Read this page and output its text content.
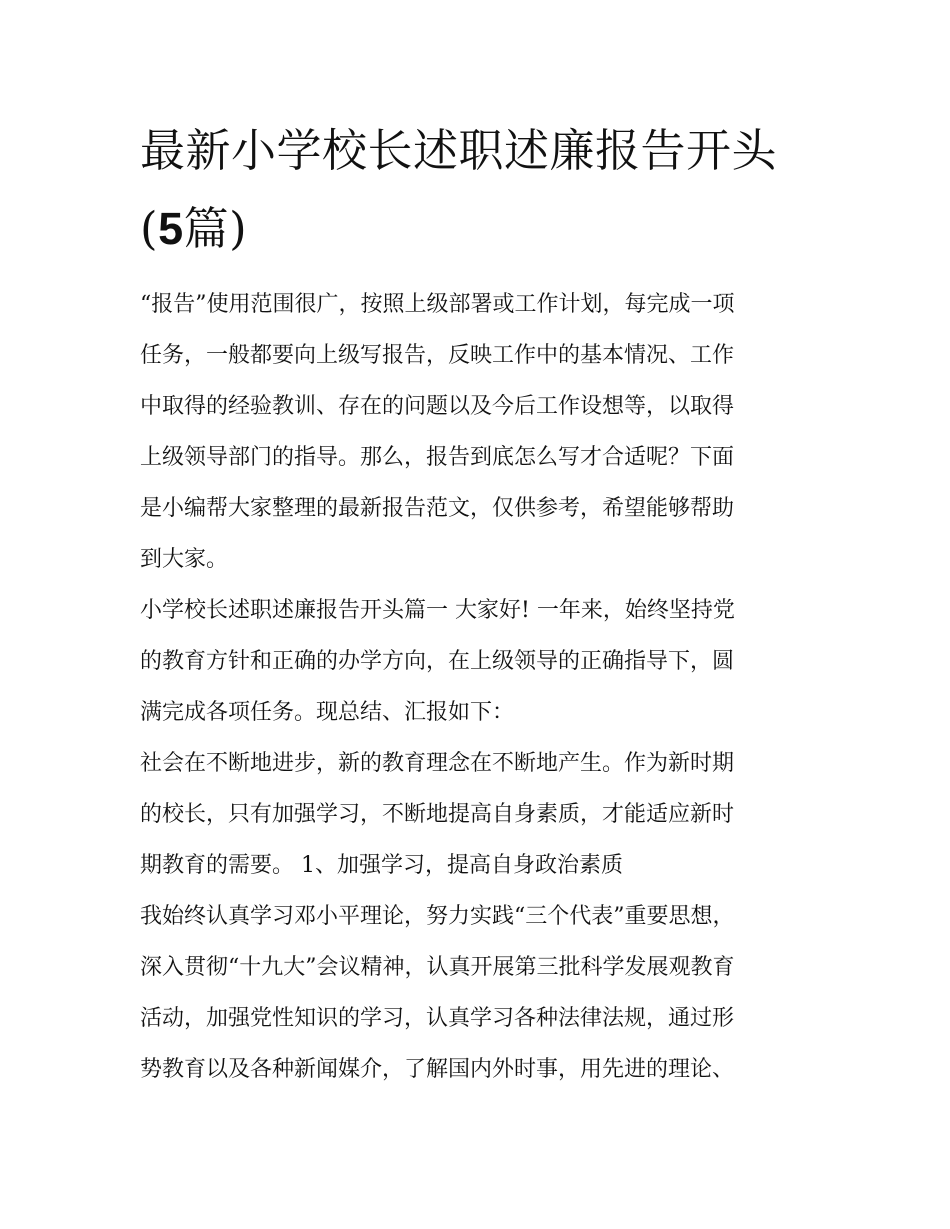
最新小学校长述职述廉报告开头(5篇)

“报告”使用范围很广，按照上级部署或工作计划，每完成一项

任务，一般都要向上级写报告，反映工作中的基本情况、工作

中取得的经验教训、存在的问题以及今后工作设想等，以取得

上级领导部门的指导。那么，报告到底怎么写才合适呢？下面

是小编帮大家整理的最新报告范文，仅供参考，希望能够帮助

到大家。

小学校长述职述廉报告开头篇一 大家好! 一年来，始终坚持党

的教育方针和正确的办学方向，在上级领导的正确指导下，圆

满完成各项任务。现总结、汇报如下：

社会在不断地进步，新的教育理念在不断地产生。作为新时期

的校长，只有加强学习，不断地提高自身素质，才能适应新时

期教育的需要。 1、加强学习，提高自身政治素质

我始终认真学习邓小平理论，努力实践“三个代表”重要思想，

深入贯彻“十九大”会议精神，认真开展第三批科学发展观教育

活动，加强党性知识的学习，认真学习各种法律法规，通过形

势教育以及各种新闻媒介，了解国内外时事，用先进的理论、
